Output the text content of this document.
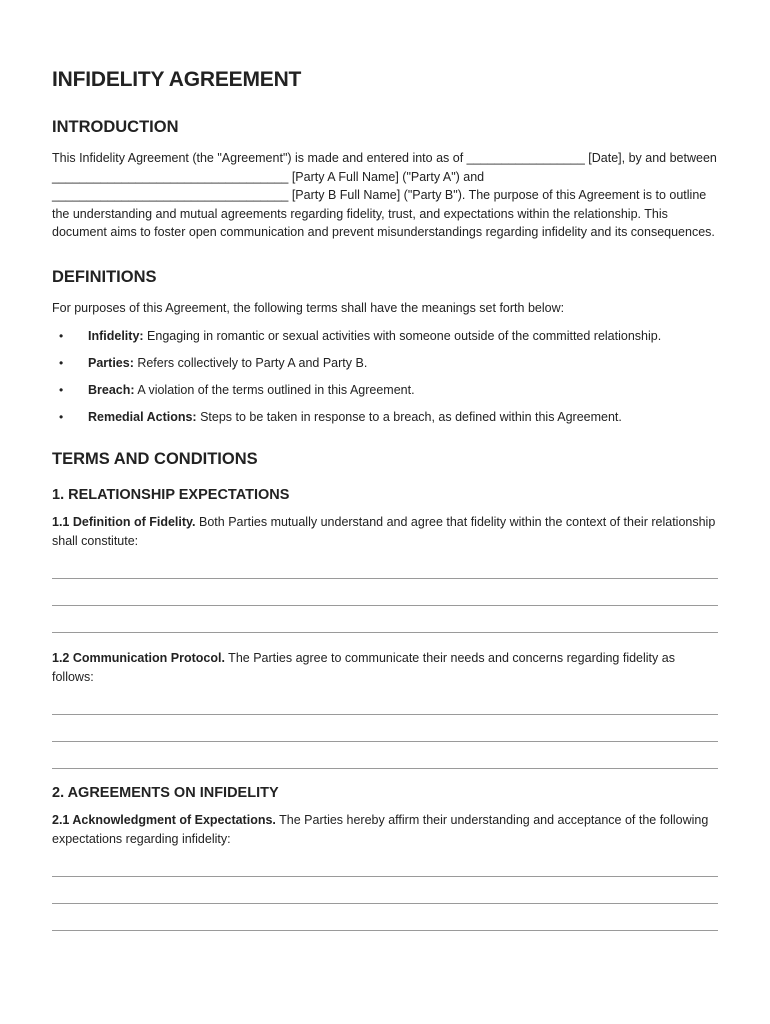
INFIDELITY AGREEMENT
INTRODUCTION

This Infidelity Agreement (the "Agreement") is made and entered into as of _________________ [Date], by and between __________________________________ [Party A Full Name] ("Party A") and __________________________________ [Party B Full Name] ("Party B"). The purpose of this Agreement is to outline the understanding and mutual agreements regarding fidelity, trust, and expectations within the relationship. This document aims to foster open communication and prevent misunderstandings regarding infidelity and its consequences.

DEFINITIONS

For purposes of this Agreement, the following terms shall have the meanings set forth below:

• Infidelity: Engaging in romantic or sexual activities with someone outside of the committed relationship.
• Parties: Refers collectively to Party A and Party B.
• Breach: A violation of the terms outlined in this Agreement.
• Remedial Actions: Steps to be taken in response to a breach, as defined within this Agreement.
TERMS AND CONDITIONS
1. RELATIONSHIP EXPECTATIONS

1.1 Definition of Fidelity. Both Parties mutually understand and agree that fidelity within the context of their relationship shall constitute:

1.2 Communication Protocol. The Parties agree to communicate their needs and concerns regarding fidelity as follows:

2. AGREEMENTS ON INFIDELITY

2.1 Acknowledgment of Expectations. The Parties hereby affirm their understanding and acceptance of the following expectations regarding infidelity:
